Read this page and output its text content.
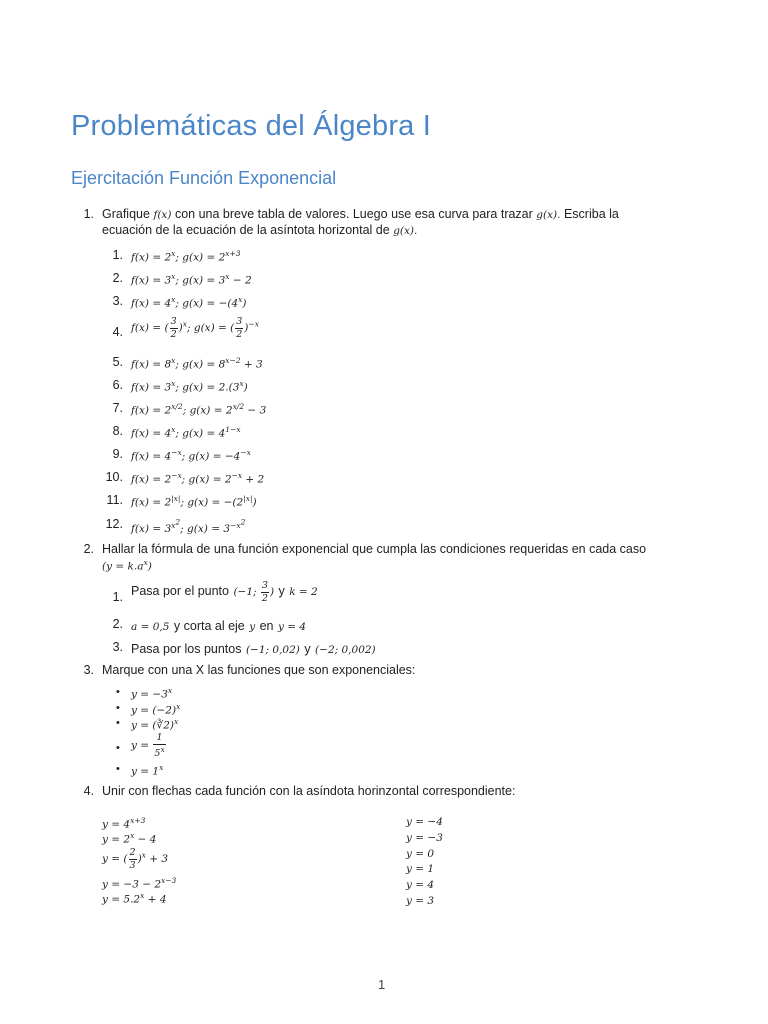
Problemáticas del Álgebra I
Ejercitación Función Exponencial
1. Grafique f(x) con una breve tabla de valores. Luego use esa curva para trazar g(x). Escriba la
ecuación de la ecuación de la asíntota horizontal de g(x).
1. $f(x) = 2^x$; $g(x) = 2^{x+3}$
2. $f(x) = 3^x$; $g(x) = 3^x - 2$
3. $f(x) = 4^x$; $g(x) = -(4^x)$
4. f(x) = ( $\frac{3}{2} )^x$; g(x) = ( $\frac{3}{2} )^{-x}$
5. $f(x) = 8^x$; $g(x) = 8^{x-2} + 3$
6. $f(x) = 3^x$; $g(x) = 2.(3^x)$
7. $f(x) = 2^{x/2}$; $g(x) = 2^{x/2} - 3$
8. $f(x) = 4^x$; $g(x) = 4^{1-x}$
9. $f(x) = 4^{-x}$; $g(x) = -4^{-x}$
10. $f(x) = 2^{-x}$; $g(x) = 2^{-x} + 2$
11. $f(x) = 2^{|x|}$; $g(x) = -(2^{|x|})$
12. $f(x) = 3^{x^2}$; $g(x) = 3^{-x^2}$
2. Hallar la fórmula de una función exponencial que cumpla las condiciones requeridas en cada caso
$(y = k.a^x)$
1. Pasa por el punto (−1; $\frac{3}{2}$ ) y k = 2
2. a = 0,5 y corta al eje y en y = 4
3. Pasa por los puntos (−1; 0,02) y (−2; 0,002)
3. Marque con una X las funciones que son exponenciales:
• $y = -3^x$
• $y = (-2)^x$
• y = (∛2)$^x$
• $y = \frac{1}{5^x}$
• $y = 1^x$
4. Unir con flechas cada función con la asíndota horinzontal correspondiente:
$y = 4^{x+3}$
$y = 2^x - 4$
y = ( $\frac{2}{3} )^x + 3$
$y = -3 - 2^{x-3}$
$y = 5.2^x + 4$
y = −4
y = −3
y = 0
y = 1
y = 4
y = 3
1
